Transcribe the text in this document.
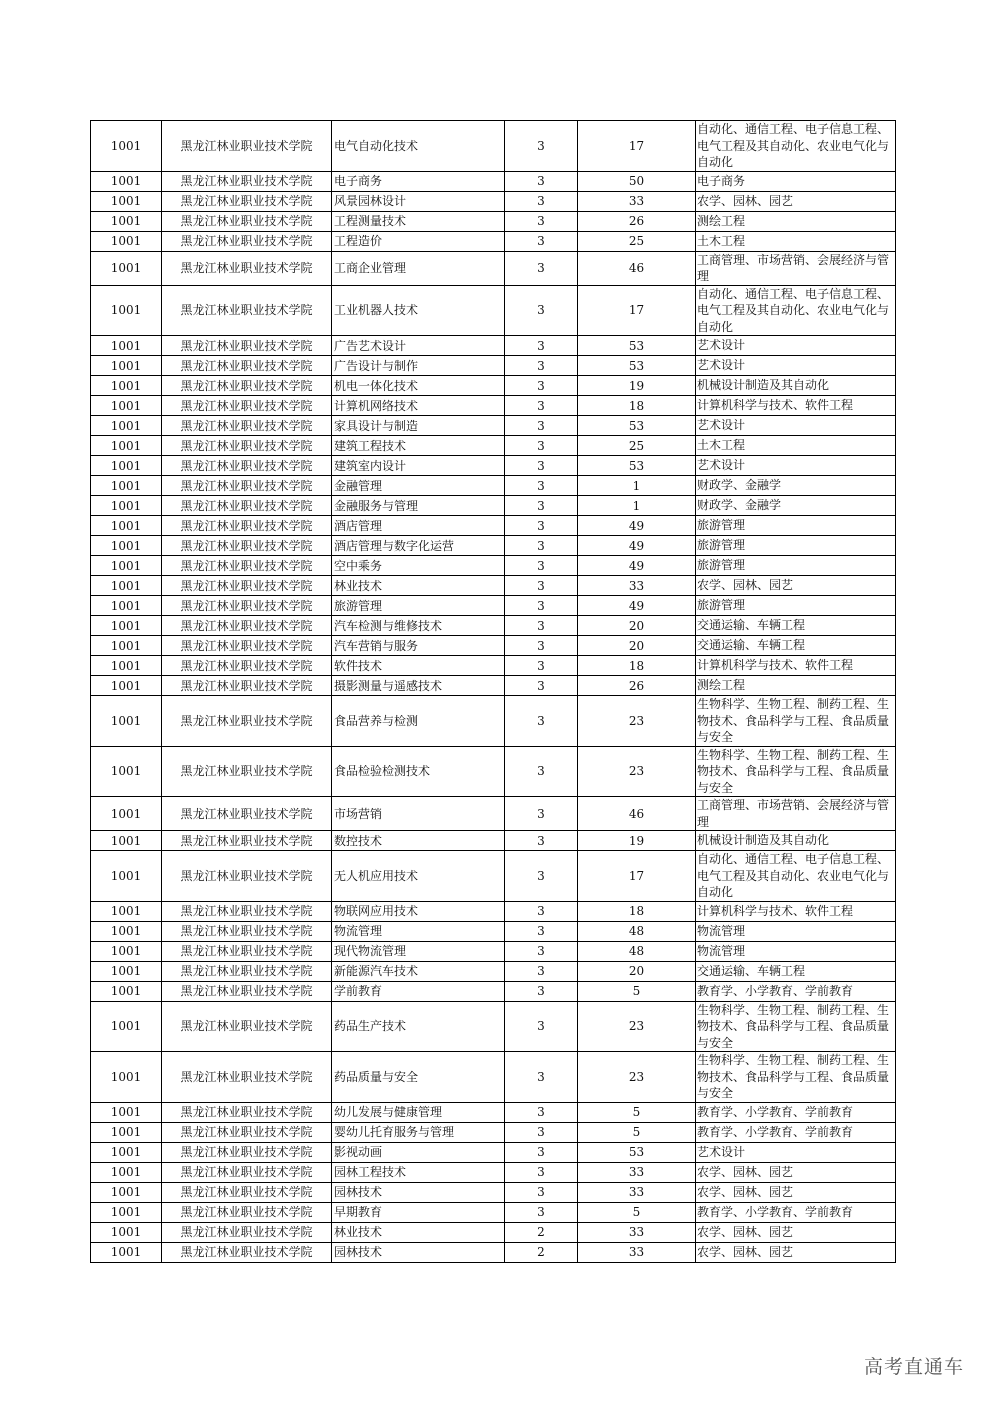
1001	黑龙江林业职业技术学院	电气自动化技术	3	17	自动化、通信工程、电子信息工程、电气工程及其自动化、农业电气化与自动化
1001	黑龙江林业职业技术学院	电子商务	3	50	电子商务
1001	黑龙江林业职业技术学院	风景园林设计	3	33	农学、园林、园艺
1001	黑龙江林业职业技术学院	工程测量技术	3	26	测绘工程
1001	黑龙江林业职业技术学院	工程造价	3	25	土木工程
1001	黑龙江林业职业技术学院	工商企业管理	3	46	工商管理、市场营销、会展经济与管理
1001	黑龙江林业职业技术学院	工业机器人技术	3	17	自动化、通信工程、电子信息工程、电气工程及其自动化、农业电气化与自动化
1001	黑龙江林业职业技术学院	广告艺术设计	3	53	艺术设计
1001	黑龙江林业职业技术学院	广告设计与制作	3	53	艺术设计
1001	黑龙江林业职业技术学院	机电一体化技术	3	19	机械设计制造及其自动化
1001	黑龙江林业职业技术学院	计算机网络技术	3	18	计算机科学与技术、软件工程
1001	黑龙江林业职业技术学院	家具设计与制造	3	53	艺术设计
1001	黑龙江林业职业技术学院	建筑工程技术	3	25	土木工程
1001	黑龙江林业职业技术学院	建筑室内设计	3	53	艺术设计
1001	黑龙江林业职业技术学院	金融管理	3	1	财政学、金融学
1001	黑龙江林业职业技术学院	金融服务与管理	3	1	财政学、金融学
1001	黑龙江林业职业技术学院	酒店管理	3	49	旅游管理
1001	黑龙江林业职业技术学院	酒店管理与数字化运营	3	49	旅游管理
1001	黑龙江林业职业技术学院	空中乘务	3	49	旅游管理
1001	黑龙江林业职业技术学院	林业技术	3	33	农学、园林、园艺
1001	黑龙江林业职业技术学院	旅游管理	3	49	旅游管理
1001	黑龙江林业职业技术学院	汽车检测与维修技术	3	20	交通运输、车辆工程
1001	黑龙江林业职业技术学院	汽车营销与服务	3	20	交通运输、车辆工程
1001	黑龙江林业职业技术学院	软件技术	3	18	计算机科学与技术、软件工程
1001	黑龙江林业职业技术学院	摄影测量与遥感技术	3	26	测绘工程
1001	黑龙江林业职业技术学院	食品营养与检测	3	23	生物科学、生物工程、制药工程、生物技术、食品科学与工程、食品质量与安全
1001	黑龙江林业职业技术学院	食品检验检测技术	3	23	生物科学、生物工程、制药工程、生物技术、食品科学与工程、食品质量与安全
1001	黑龙江林业职业技术学院	市场营销	3	46	工商管理、市场营销、会展经济与管理
1001	黑龙江林业职业技术学院	数控技术	3	19	机械设计制造及其自动化
1001	黑龙江林业职业技术学院	无人机应用技术	3	17	自动化、通信工程、电子信息工程、电气工程及其自动化、农业电气化与自动化
1001	黑龙江林业职业技术学院	物联网应用技术	3	18	计算机科学与技术、软件工程
1001	黑龙江林业职业技术学院	物流管理	3	48	物流管理
1001	黑龙江林业职业技术学院	现代物流管理	3	48	物流管理
1001	黑龙江林业职业技术学院	新能源汽车技术	3	20	交通运输、车辆工程
1001	黑龙江林业职业技术学院	学前教育	3	5	教育学、小学教育、学前教育
1001	黑龙江林业职业技术学院	药品生产技术	3	23	生物科学、生物工程、制药工程、生物技术、食品科学与工程、食品质量与安全
1001	黑龙江林业职业技术学院	药品质量与安全	3	23	生物科学、生物工程、制药工程、生物技术、食品科学与工程、食品质量与安全
1001	黑龙江林业职业技术学院	幼儿发展与健康管理	3	5	教育学、小学教育、学前教育
1001	黑龙江林业职业技术学院	婴幼儿托育服务与管理	3	5	教育学、小学教育、学前教育
1001	黑龙江林业职业技术学院	影视动画	3	53	艺术设计
1001	黑龙江林业职业技术学院	园林工程技术	3	33	农学、园林、园艺
1001	黑龙江林业职业技术学院	园林技术	3	33	农学、园林、园艺
1001	黑龙江林业职业技术学院	早期教育	3	5	教育学、小学教育、学前教育
1001	黑龙江林业职业技术学院	林业技术	2	33	农学、园林、园艺
1001	黑龙江林业职业技术学院	园林技术	2	33	农学、园林、园艺
高考直通车
